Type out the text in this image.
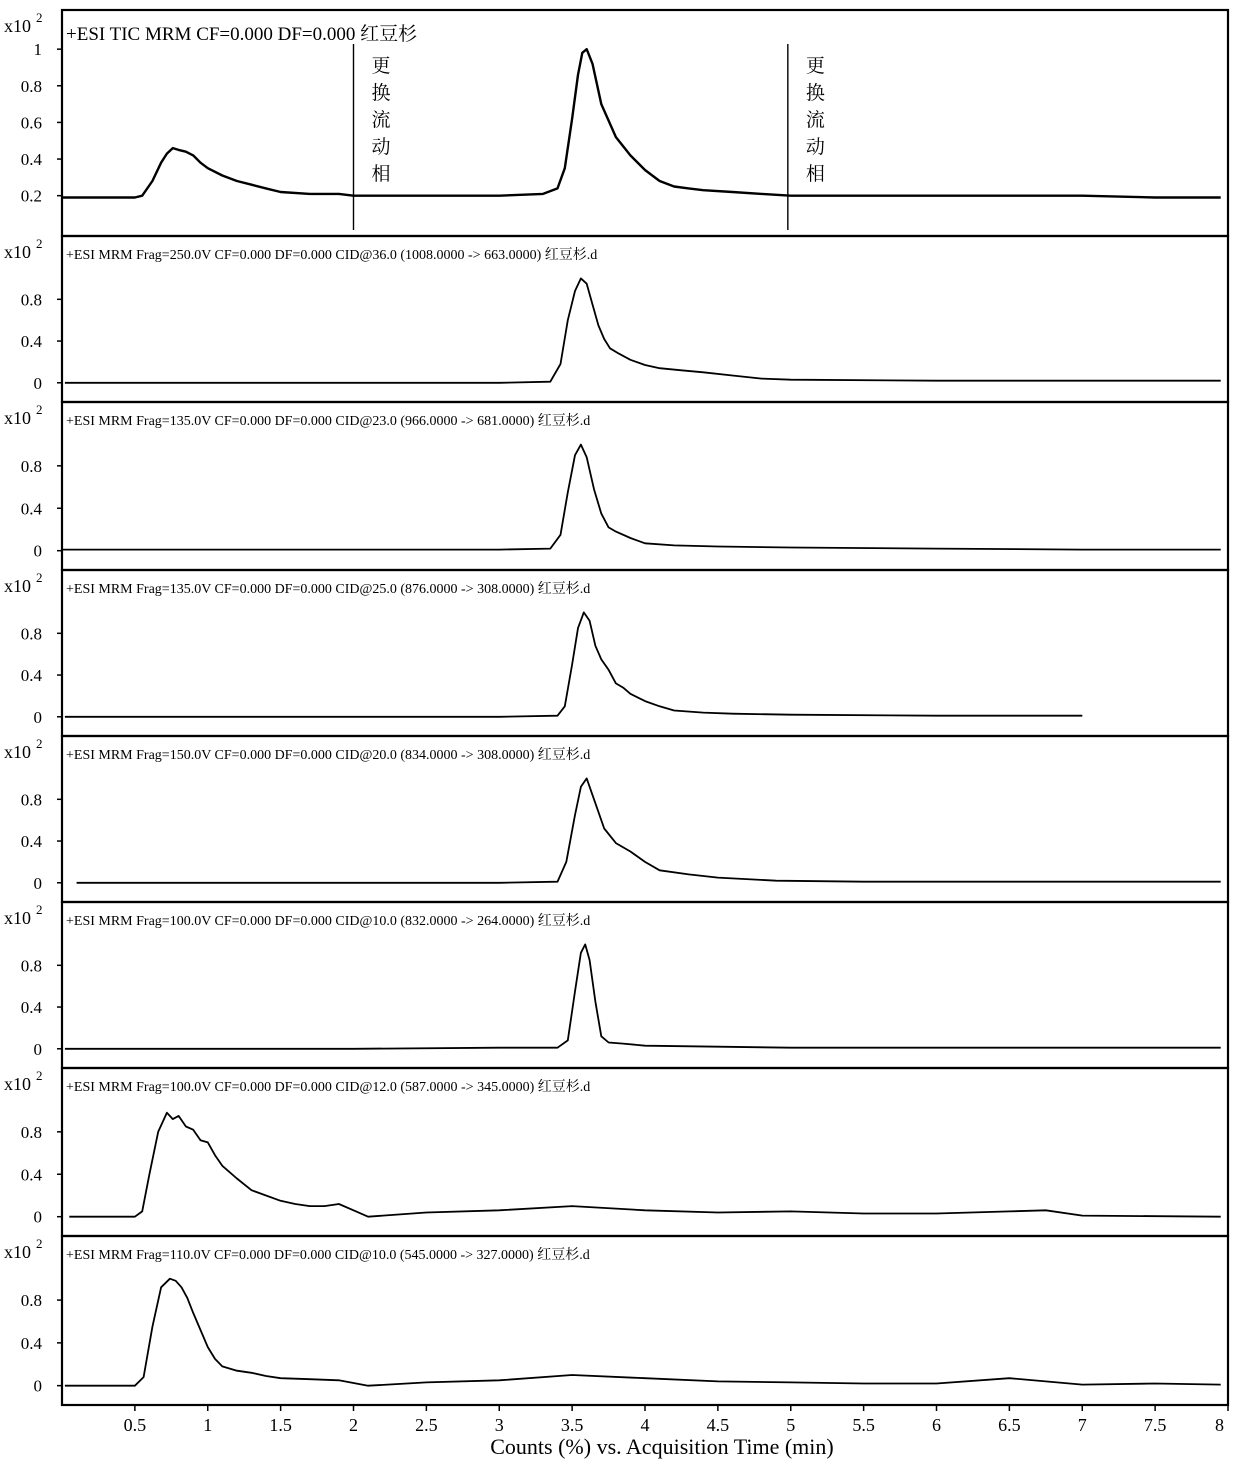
x10 2
0.2
0.4
0.6
0.8
1
+ESI TIC MRM CF=0.000 DF=0.000 红豆杉
更换流动相
更换流动相
x10 2
0
0.4
0.8
+ESI MRM Frag=250.0V CF=0.000 DF=0.000 CID@36.0 (1008.0000 -> 663.0000) 红豆杉.d
x10 2
0
0.4
0.8
+ESI MRM Frag=135.0V CF=0.000 DF=0.000 CID@23.0 (966.0000 -> 681.0000) 红豆杉.d
x10 2
0
0.4
0.8
+ESI MRM Frag=135.0V CF=0.000 DF=0.000 CID@25.0 (876.0000 -> 308.0000) 红豆杉.d
x10 2
0
0.4
0.8
+ESI MRM Frag=150.0V CF=0.000 DF=0.000 CID@20.0 (834.0000 -> 308.0000) 红豆杉.d
x10 2
0
0.4
0.8
+ESI MRM Frag=100.0V CF=0.000 DF=0.000 CID@10.0 (832.0000 -> 264.0000) 红豆杉.d
x10 2
0
0.4
0.8
+ESI MRM Frag=100.0V CF=0.000 DF=0.000 CID@12.0 (587.0000 -> 345.0000) 红豆杉.d
x10 2
0
0.4
0.8
+ESI MRM Frag=110.0V CF=0.000 DF=0.000 CID@10.0 (545.0000 -> 327.0000) 红豆杉.d
0.5	1	1.5	2	2.5	3	3.5	4	4.5	5	5.5	6	6.5	7	7.5	8
Counts (%) vs. Acquisition Time (min)
